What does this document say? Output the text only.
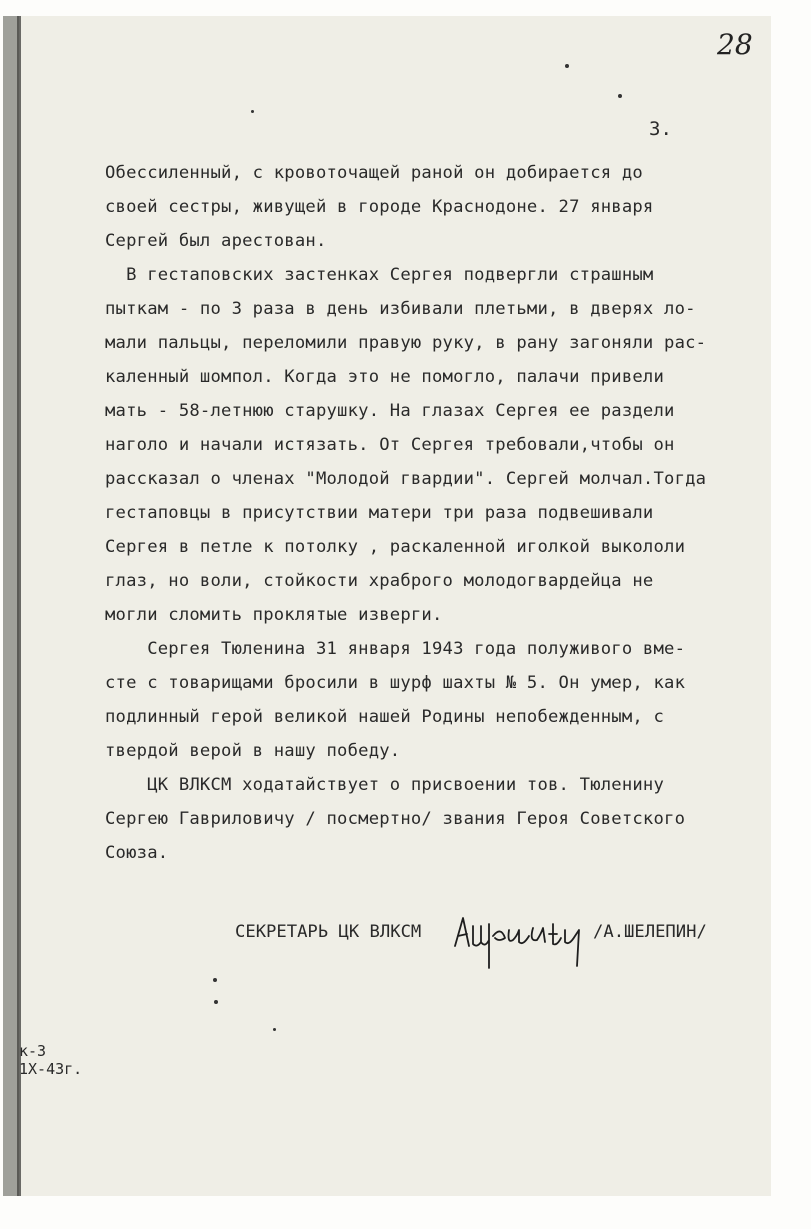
28
3.
Обессиленный, с кровоточащей раной он добирается до
своей сестры, живущей в городе Краснодоне. 27 января
Сергей был арестован.
В гестаповских застенках Сергея подвергли страшным
пыткам - по 3 раза в день избивали плетьми, в дверях ло-
мали пальцы, переломили правую руку, в рану загоняли рас-
каленный шомпол. Когда это не помогло, палачи привели
мать - 58-летнюю старушку. На глазах Сергея ее раздели
наголо и начали истязать. От Сергея требовали,чтобы он
рассказал о членах "Молодой гвардии". Сергей молчал.Тогда
гестаповцы в присутствии матери три раза подвешивали
Сергея в петле к потолку , раскаленной иголкой выкололи
глаз, но воли, стойкости храброго молодогвардейца не
могли сломить проклятые изверги.
Сергея Тюленина 31 января 1943 года полуживого вме-
сте с товарищами бросили в шурф шахты № 5. Он умер, как
подлинный герой великой нашей Родины непобежденным, с
твердой верой в нашу победу.
ЦК ВЛКСМ ходатайствует о присвоении тов. Тюленину
Сергею Гавриловичу / посмертно/ звания Героя Советского
Союза.

СЕКРЕТАРЬ ЦК ВЛКСМ

	/А.ШЕЛЕПИН/

к-3
1Х-43г.
